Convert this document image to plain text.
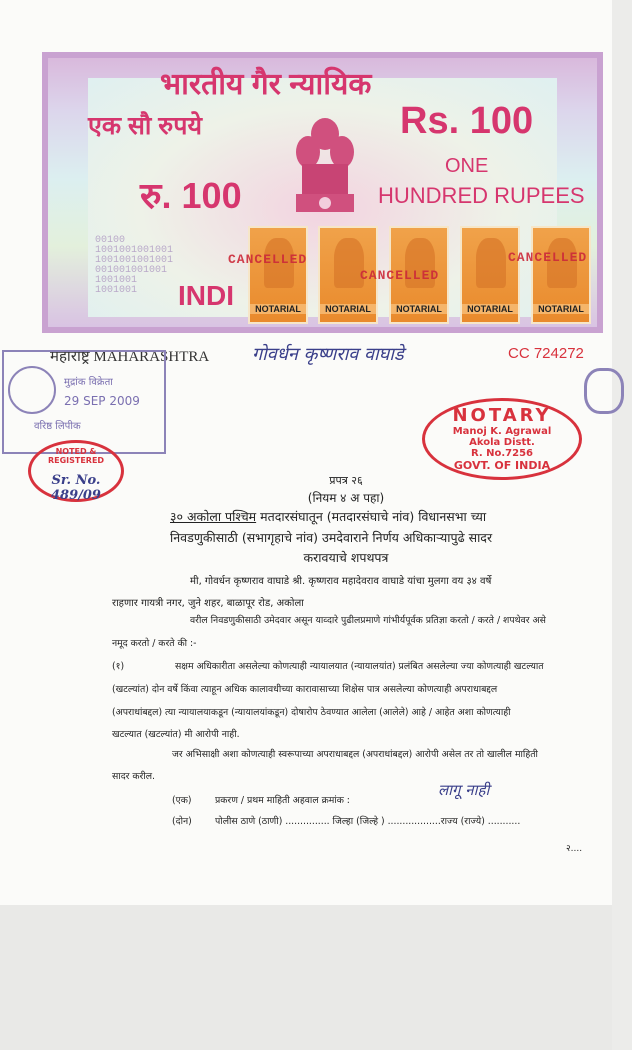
भारतीय गैर न्यायिक
एक सौ रुपये	Rs. 100
रु. 100
ONE
HUNDRED RUPEES
00100
1001001001001
1001001001001
001001001001
1001001
1001001	INDI	NOTARIAL	NOTARIAL	NOTARIAL	NOTARIAL	NOTARIAL
CANCELLED
CANCELLED
CANCELLED
महाराष्ट्र MAHARASHTRA	CC 724272
गोवर्धन कृष्णराव वाघाडे
29 SEP 2009
मुद्रांक विक्रेता
वरिष्ठ लिपीक
NOTED & REGISTERED
Sr. No. 489/09
NOTARY
Manoj K. Agrawal
Akola Distt.
R. No.7256
GOVT. OF INDIA
प्रपत्र २६
(नियम ४ अ पहा)
३० अकोला पश्चिम मतदारसंघातून (मतदारसंघाचे नांव) विधानसभा च्या
निवडणुकीसाठी (सभागृहाचे नांव) उमदेवाराने निर्णय अधिकाऱ्यापुढे सादर
करावयाचे शपथपत्र
मी, गोवर्धन कृष्णराव वाघाडे श्री. कृष्णराव महादेवराव वाघाडे यांचा मुलगा वय ३४ वर्षे
राहणार गायत्री नगर, जुने शहर, बाळापूर रोड, अकोला
वरील निवडणुकीसाठी उमेदवार असून याव्दारे पुढीलप्रमाणे गांभीर्यपूर्वक प्रतिज्ञा करतो / करते / शपथेवर असे
नमूद करतो / करते की :-
(१)	सक्षम अधिकारीता असलेल्या कोणत्याही न्यायालयात (न्यायालयांत) प्रलंबित असलेल्या ज्या कोणत्याही खटल्यात
(खटल्यांत) दोन वर्षे किंवा त्याहून अधिक कालावधीच्या कारावासाच्या शिक्षेस पात्र असलेल्या कोणत्याही अपराधाबद्दल
(अपराधांबद्दल) त्या न्यायालयाकडून (न्यायालयांकडून) दोषारोप ठेवण्यात आलेला (आलेले) आहे / आहेत अशा कोणत्याही
खटल्यात (खटल्यांत) मी आरोपी नाही.
जर अभिसाक्षी अशा कोणत्याही स्वरूपाच्या अपराधाबद्दल (अपराधांबद्दल) आरोपी असेल तर तो खालील माहिती
सादर करील.
(एक)	प्रकरण / प्रथम माहिती अहवाल क्रमांक :
लागू नाही
(दोन) पोलीस ठाणे (ठाणी) ............... जिल्हा (जिल्हे ) ..................राज्य (राज्ये) ...........
२....
